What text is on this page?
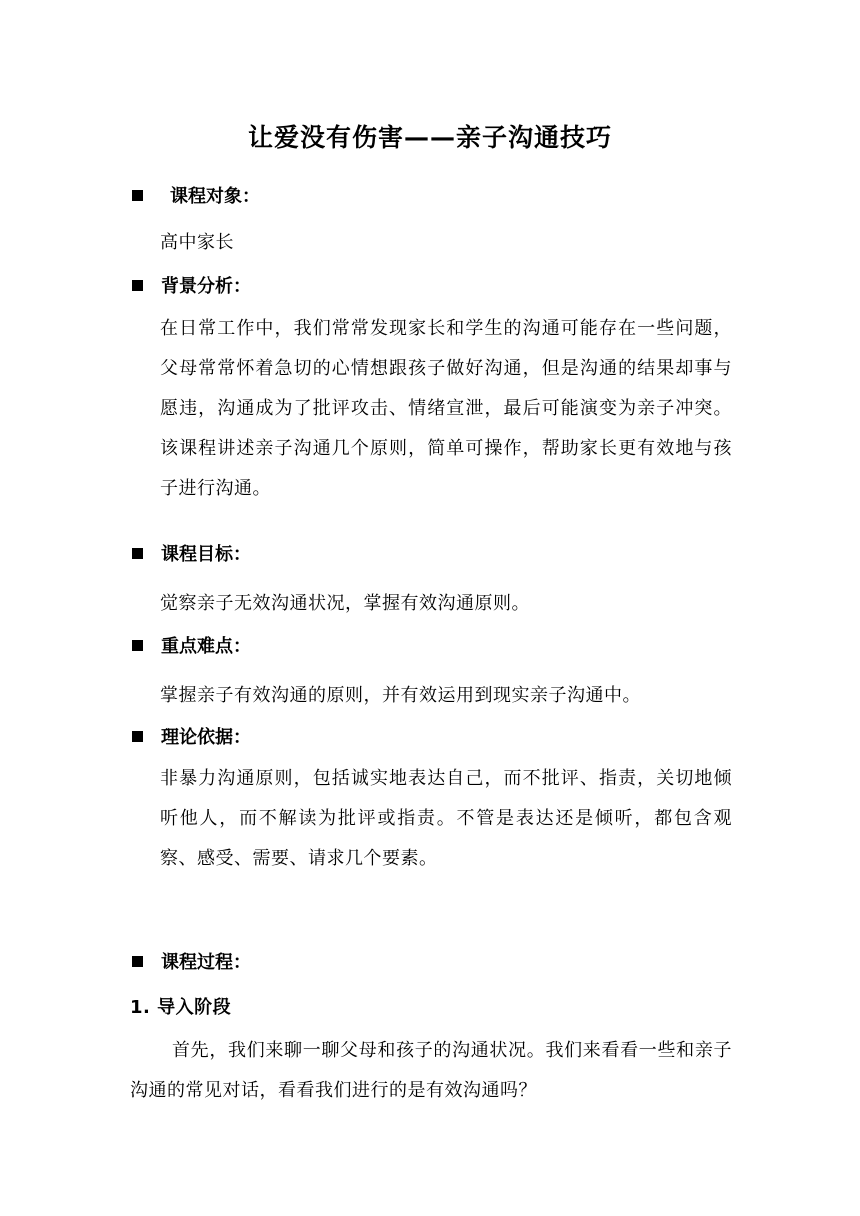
让爱没有伤害——亲子沟通技巧
课程对象：
高中家长
背景分析：
在日常工作中，我们常常发现家长和学生的沟通可能存在一些问题，父母常常怀着急切的心情想跟孩子做好沟通，但是沟通的结果却事与愿违，沟通成为了批评攻击、情绪宣泄，最后可能演变为亲子冲突。该课程讲述亲子沟通几个原则，简单可操作，帮助家长更有效地与孩子进行沟通。
课程目标：
觉察亲子无效沟通状况，掌握有效沟通原则。
重点难点：
掌握亲子有效沟通的原则，并有效运用到现实亲子沟通中。
理论依据：
非暴力沟通原则，包括诚实地表达自己，而不批评、指责，关切地倾听他人，而不解读为批评或指责。不管是表达还是倾听，都包含观察、感受、需要、请求几个要素。
课程过程：
1. 导入阶段
首先，我们来聊一聊父母和孩子的沟通状况。我们来看看一些和亲子沟通的常见对话，看看我们进行的是有效沟通吗？
